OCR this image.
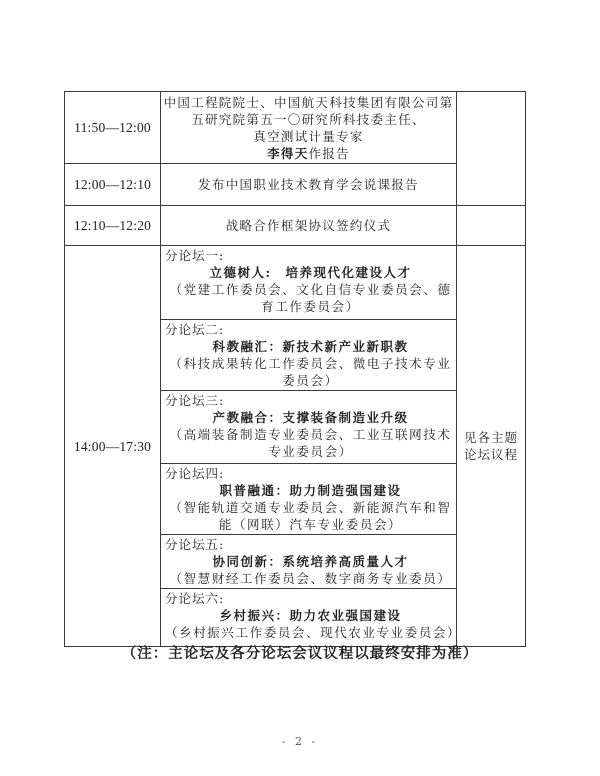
11:50—12:00	中国工程院院士、中国航天科技集团有限公司第
五研究院第五一〇研究所科技委主任、
真空测试计量专家
李得天作报告	

12:00—12:10	发布中国职业技术教育学会说课报告	
12:10—12:20	战略合作框架协议签约仪式	
14:00—17:30	分论坛一:
立德树人:　培养现代化建设人才
（党建工作委员会、文化自信专业委员会、德育工作委员会）	见各主题论坛议程

	分论坛二:
科教融汇：新技术新产业新职教
（科技成果转化工作委员会、微电子技术专业委员会）	

	分论坛三:
产教融合：支撑装备制造业升级
（高端装备制造专业委员会、工业互联网技术专业委员会）	

	分论坛四:
职普融通：助力制造强国建设
（智能轨道交通专业委员会、新能源汽车和智能（网联）汽车专业委员会）	

	分论坛五:
协同创新：系统培养高质量人才
（智慧财经工作委员会、数字商务专业委员）	

	分论坛六:
乡村振兴：助力农业强国建设
（乡村振兴工作委员会、现代农业专业委员会）	
（注：主论坛及各分论坛会议议程以最终安排为准）
- 2 -
